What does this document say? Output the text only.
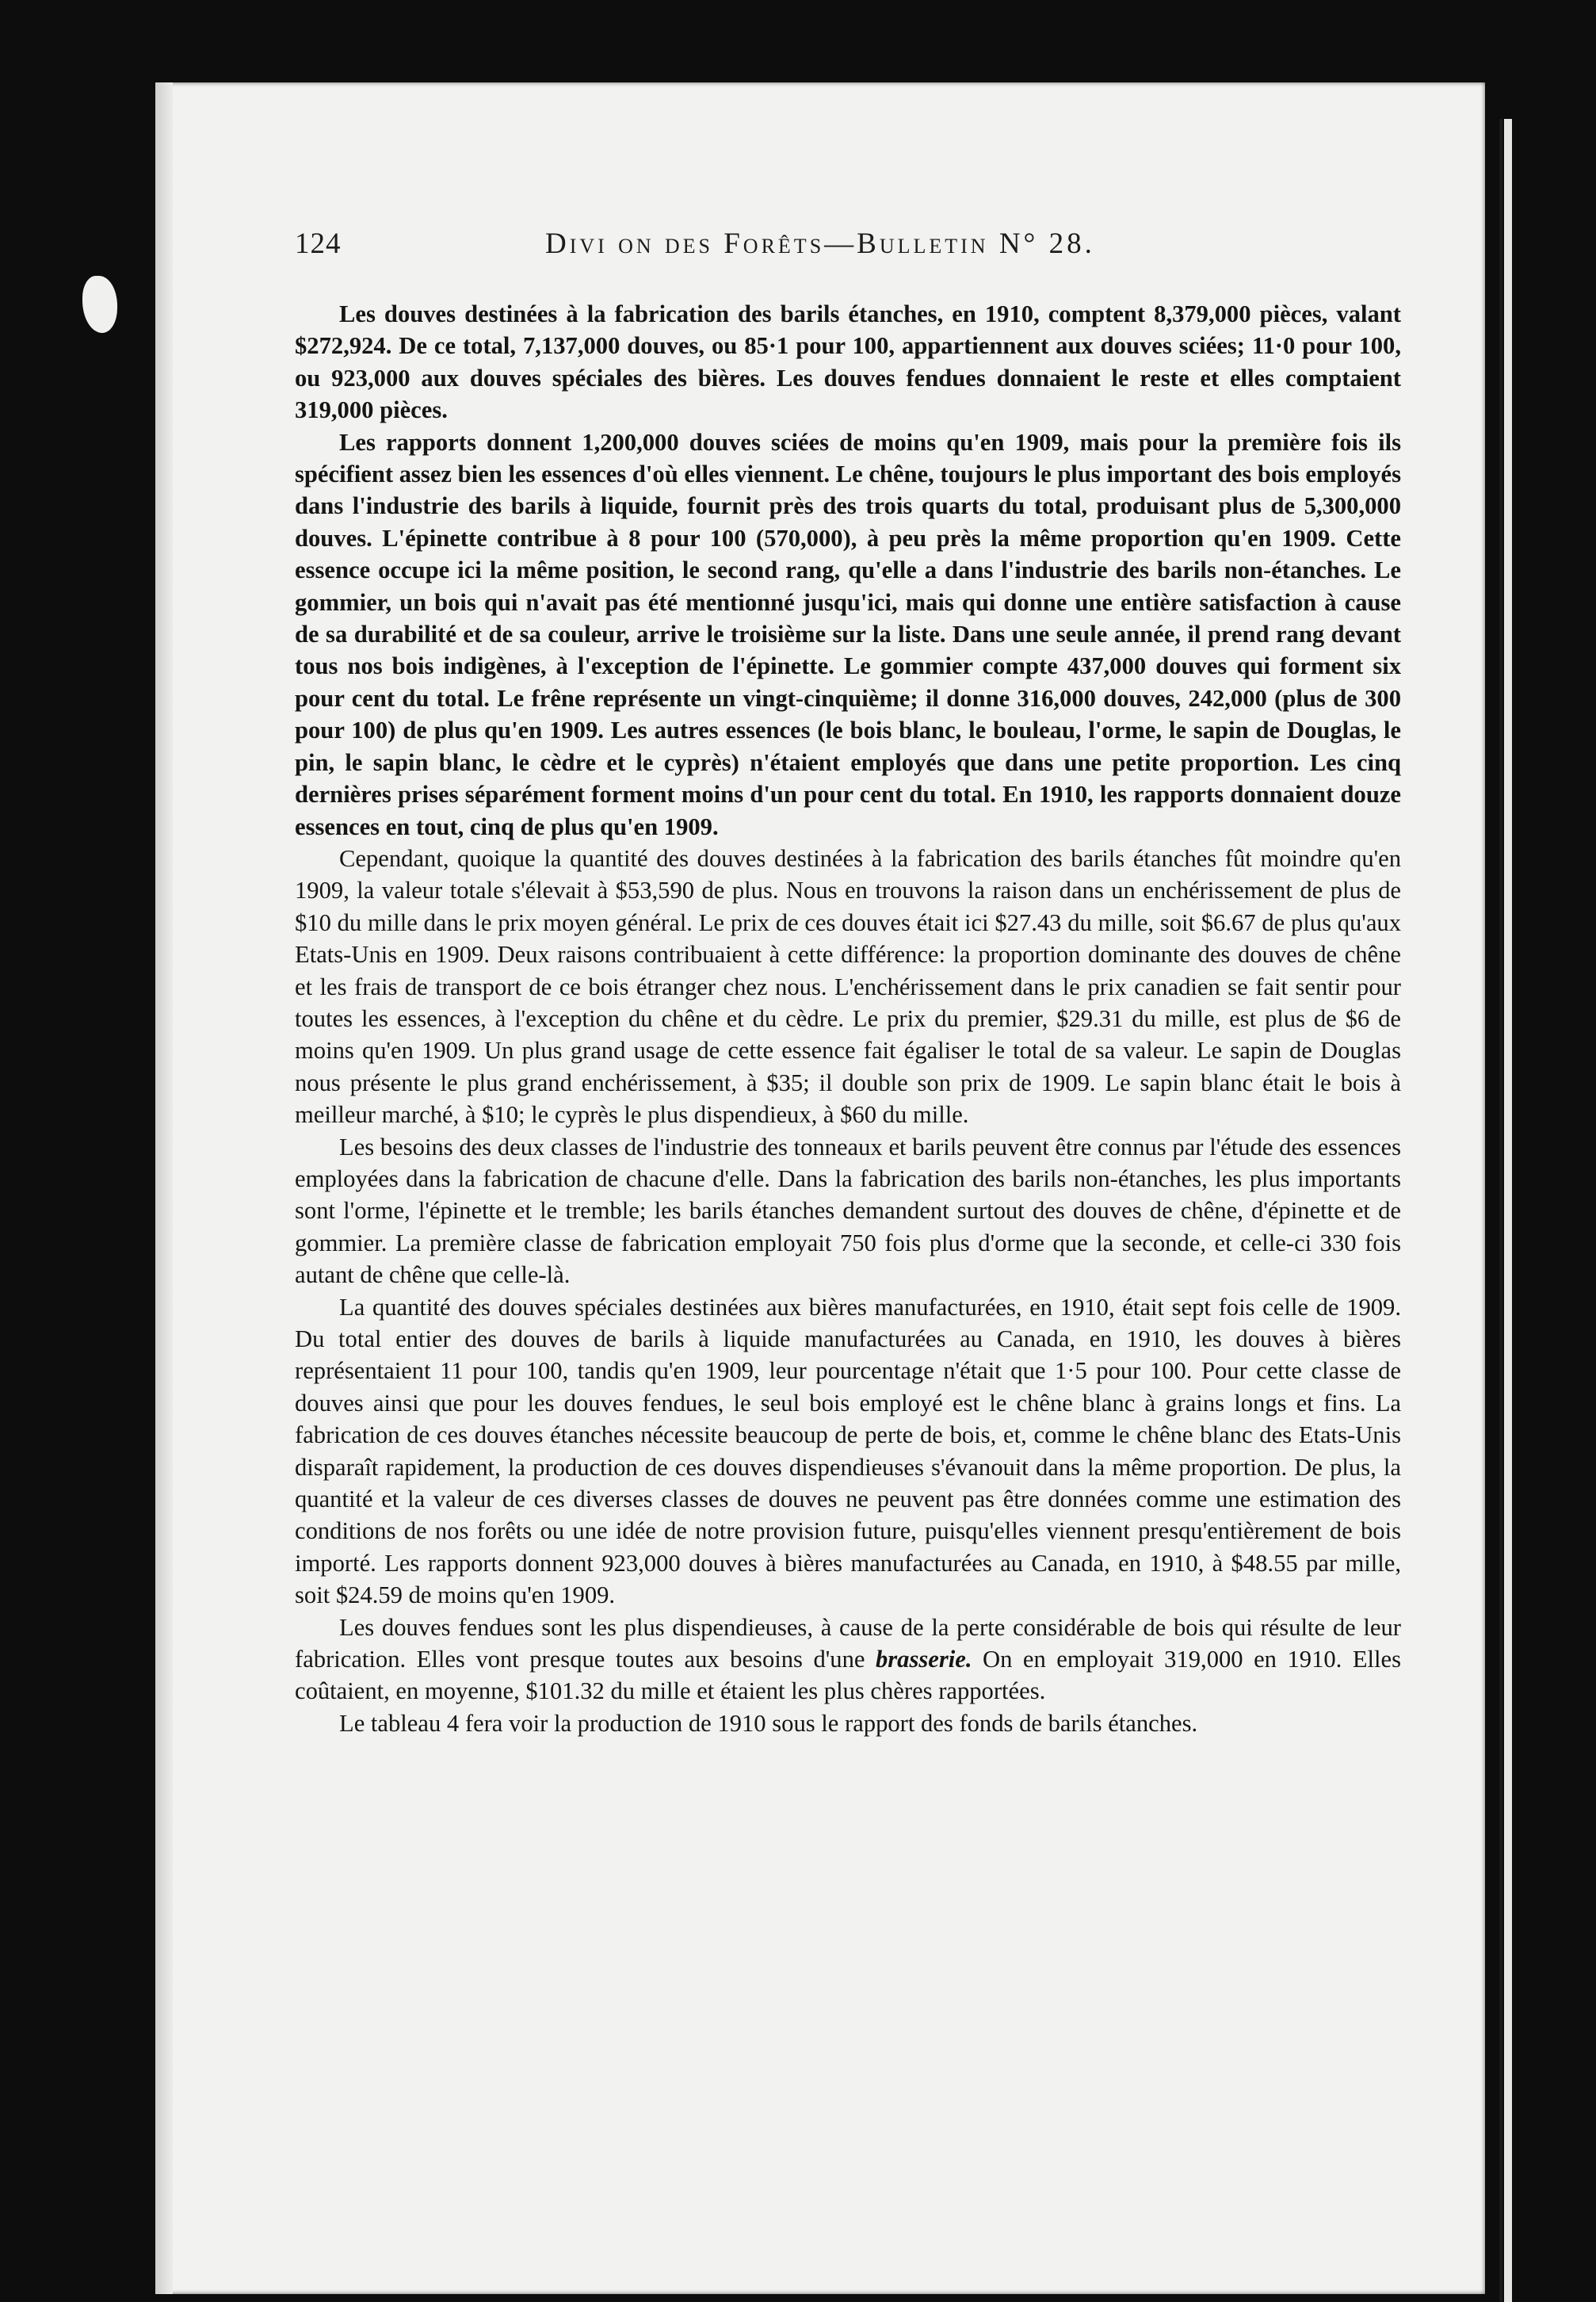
124	Divi on des Forêts—Bulletin N° 28.

Les douves destinées à la fabrication des barils étanches, en 1910, comptent 8,379,000 pièces, valant $272,924. De ce total, 7,137,000 douves, ou 85·1 pour 100, appartiennent aux douves sciées; 11·0 pour 100, ou 923,000 aux douves spéciales des bières. Les douves fendues donnaient le reste et elles comptaient 319,000 pièces.

Les rapports donnent 1,200,000 douves sciées de moins qu'en 1909, mais pour la première fois ils spécifient assez bien les essences d'où elles viennent. Le chêne, toujours le plus important des bois employés dans l'industrie des barils à liquide, fournit près des trois quarts du total, produisant plus de 5,300,000 douves. L'épinette contribue à 8 pour 100 (570,000), à peu près la même proportion qu'en 1909. Cette essence occupe ici la même position, le second rang, qu'elle a dans l'industrie des barils non-étanches. Le gommier, un bois qui n'avait pas été mentionné jusqu'ici, mais qui donne une entière satisfaction à cause de sa durabilité et de sa couleur, arrive le troisième sur la liste. Dans une seule année, il prend rang devant tous nos bois indigènes, à l'exception de l'épinette. Le gommier compte 437,000 douves qui forment six pour cent du total. Le frêne représente un vingt-cinquième; il donne 316,000 douves, 242,000 (plus de 300 pour 100) de plus qu'en 1909. Les autres essences (le bois blanc, le bouleau, l'orme, le sapin de Douglas, le pin, le sapin blanc, le cèdre et le cyprès) n'étaient employés que dans une petite proportion. Les cinq dernières prises séparément forment moins d'un pour cent du total. En 1910, les rapports donnaient douze essences en tout, cinq de plus qu'en 1909.

Cependant, quoique la quantité des douves destinées à la fabrication des barils étanches fût moindre qu'en 1909, la valeur totale s'élevait à $53,590 de plus. Nous en trouvons la raison dans un enchérissement de plus de $10 du mille dans le prix moyen général. Le prix de ces douves était ici $27.43 du mille, soit $6.67 de plus qu'aux Etats-Unis en 1909. Deux raisons contribuaient à cette différence: la proportion dominante des douves de chêne et les frais de transport de ce bois étranger chez nous. L'enchérissement dans le prix canadien se fait sentir pour toutes les essences, à l'exception du chêne et du cèdre. Le prix du premier, $29.31 du mille, est plus de $6 de moins qu'en 1909. Un plus grand usage de cette essence fait égaliser le total de sa valeur. Le sapin de Douglas nous présente le plus grand enchérissement, à $35; il double son prix de 1909. Le sapin blanc était le bois à meilleur marché, à $10; le cyprès le plus dispendieux, à $60 du mille.

Les besoins des deux classes de l'industrie des tonneaux et barils peuvent être connus par l'étude des essences employées dans la fabrication de chacune d'elle. Dans la fabrication des barils non-étanches, les plus importants sont l'orme, l'épinette et le tremble; les barils étanches demandent surtout des douves de chêne, d'épinette et de gommier. La première classe de fabrication employait 750 fois plus d'orme que la seconde, et celle-ci 330 fois autant de chêne que celle-là.

La quantité des douves spéciales destinées aux bières manufacturées, en 1910, était sept fois celle de 1909. Du total entier des douves de barils à liquide manufacturées au Canada, en 1910, les douves à bières représentaient 11 pour 100, tandis qu'en 1909, leur pourcentage n'était que 1·5 pour 100. Pour cette classe de douves ainsi que pour les douves fendues, le seul bois employé est le chêne blanc à grains longs et fins. La fabrication de ces douves étanches nécessite beaucoup de perte de bois, et, comme le chêne blanc des Etats-Unis disparaît rapidement, la production de ces douves dispendieuses s'évanouit dans la même proportion. De plus, la quantité et la valeur de ces diverses classes de douves ne peuvent pas être données comme une estimation des conditions de nos forêts ou une idée de notre provision future, puisqu'elles viennent presqu'entièrement de bois importé. Les rapports donnent 923,000 douves à bières manufacturées au Canada, en 1910, à $48.55 par mille, soit $24.59 de moins qu'en 1909.

Les douves fendues sont les plus dispendieuses, à cause de la perte considérable de bois qui résulte de leur fabrication. Elles vont presque toutes aux besoins d'une brasserie. On en employait 319,000 en 1910. Elles coûtaient, en moyenne, $101.32 du mille et étaient les plus chères rapportées.

Le tableau 4 fera voir la production de 1910 sous le rapport des fonds de barils étanches.
